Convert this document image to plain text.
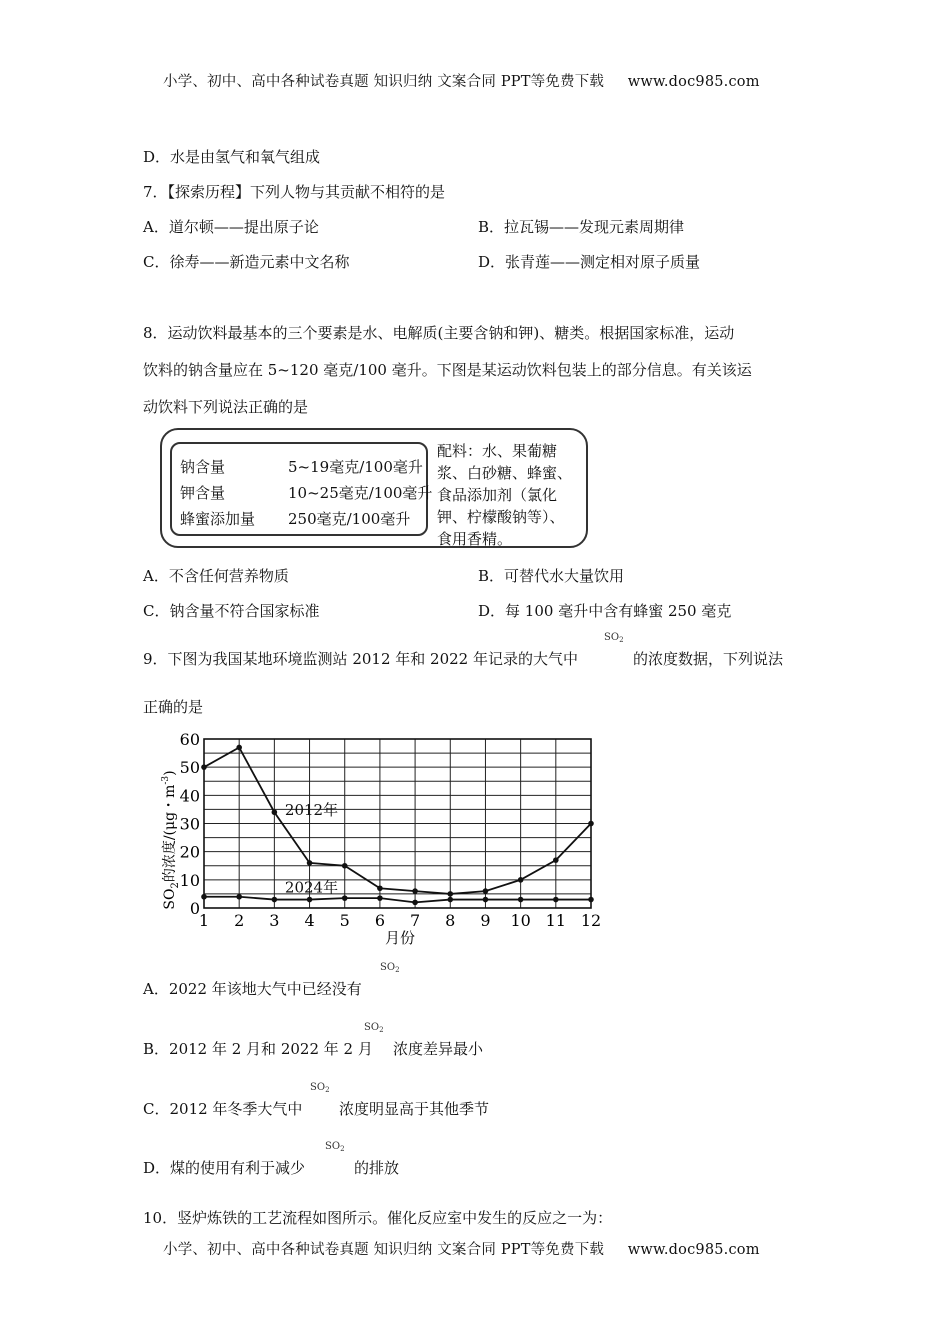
小学、初中、高中各种试卷真题 知识归纳 文案合同 PPT等免费下载 www.doc985.com
D．水是由氢气和氧气组成
7．【探索历程】下列人物与其贡献不相符的是
A．道尔顿——提出原子论	B．拉瓦锡——发现元素周期律
C．徐寿——新造元素中文名称	D．张青莲——测定相对原子质量
8．运动饮料最基本的三个要素是水、电解质(主要含钠和钾)、糖类。根据国家标准，运动
饮料的钠含量应在 5~120 毫克/100 毫升。下图是某运动饮料包装上的部分信息。有关该运
动饮料下列说法正确的是
钠含量	5~19毫克/100毫升
钾含量	10~25毫克/100毫升
蜂蜜添加量 250毫克/100毫升
配料：水、果葡糖
浆、白砂糖、蜂蜜、
食品添加剂（氯化
钾、柠檬酸钠等）、
食用香精。
A．不含任何营养物质	B．可替代水大量饮用
C．钠含量不符合国家标准	D．每 100 毫升中含有蜂蜜 250 毫克
9．下图为我国某地环境监测站 2012 年和 2022 年记录的大气中
$SO_2$
的浓度数据，下列说法
正确的是
0
10
20
30
40
50
60
1 2 3 4 5 6 7 8 9 10 11 12
2012年
2024年
月份
$SO_2$的浓度/(μg・$m^{-3}$)
A．2022 年该地大气中已经没有
$SO_2$
B．2012 年 2 月和 2022 年 2 月
$SO_2$
浓度差异最小
C．2012 年冬季大气中
$SO_2$
浓度明显高于其他季节
D．煤的使用有利于减少
$SO_2$
的排放
10．竖炉炼铁的工艺流程如图所示。催化反应室中发生的反应之一为：
小学、初中、高中各种试卷真题 知识归纳 文案合同 PPT等免费下载 www.doc985.com
